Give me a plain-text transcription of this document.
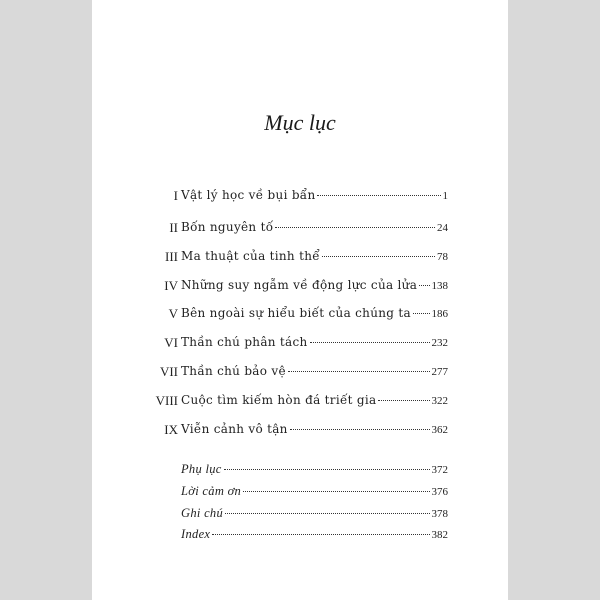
Mục lục
I Vật lý học về bụi bẩn	1
II Bốn nguyên tố	24
III Ma thuật của tinh thể	78
IV Những suy ngẫm về động lực của lửa 138
V Bên ngoài sự hiểu biết của chúng ta 186
VI Thần chú phân tách	232
VII Thần chú bảo vệ	277
VIII Cuộc tìm kiếm hòn đá triết gia	322
IX Viễn cảnh vô tận	362
Phụ lục	372
Lời cảm ơn	376
Ghi chú	378
Index	382
